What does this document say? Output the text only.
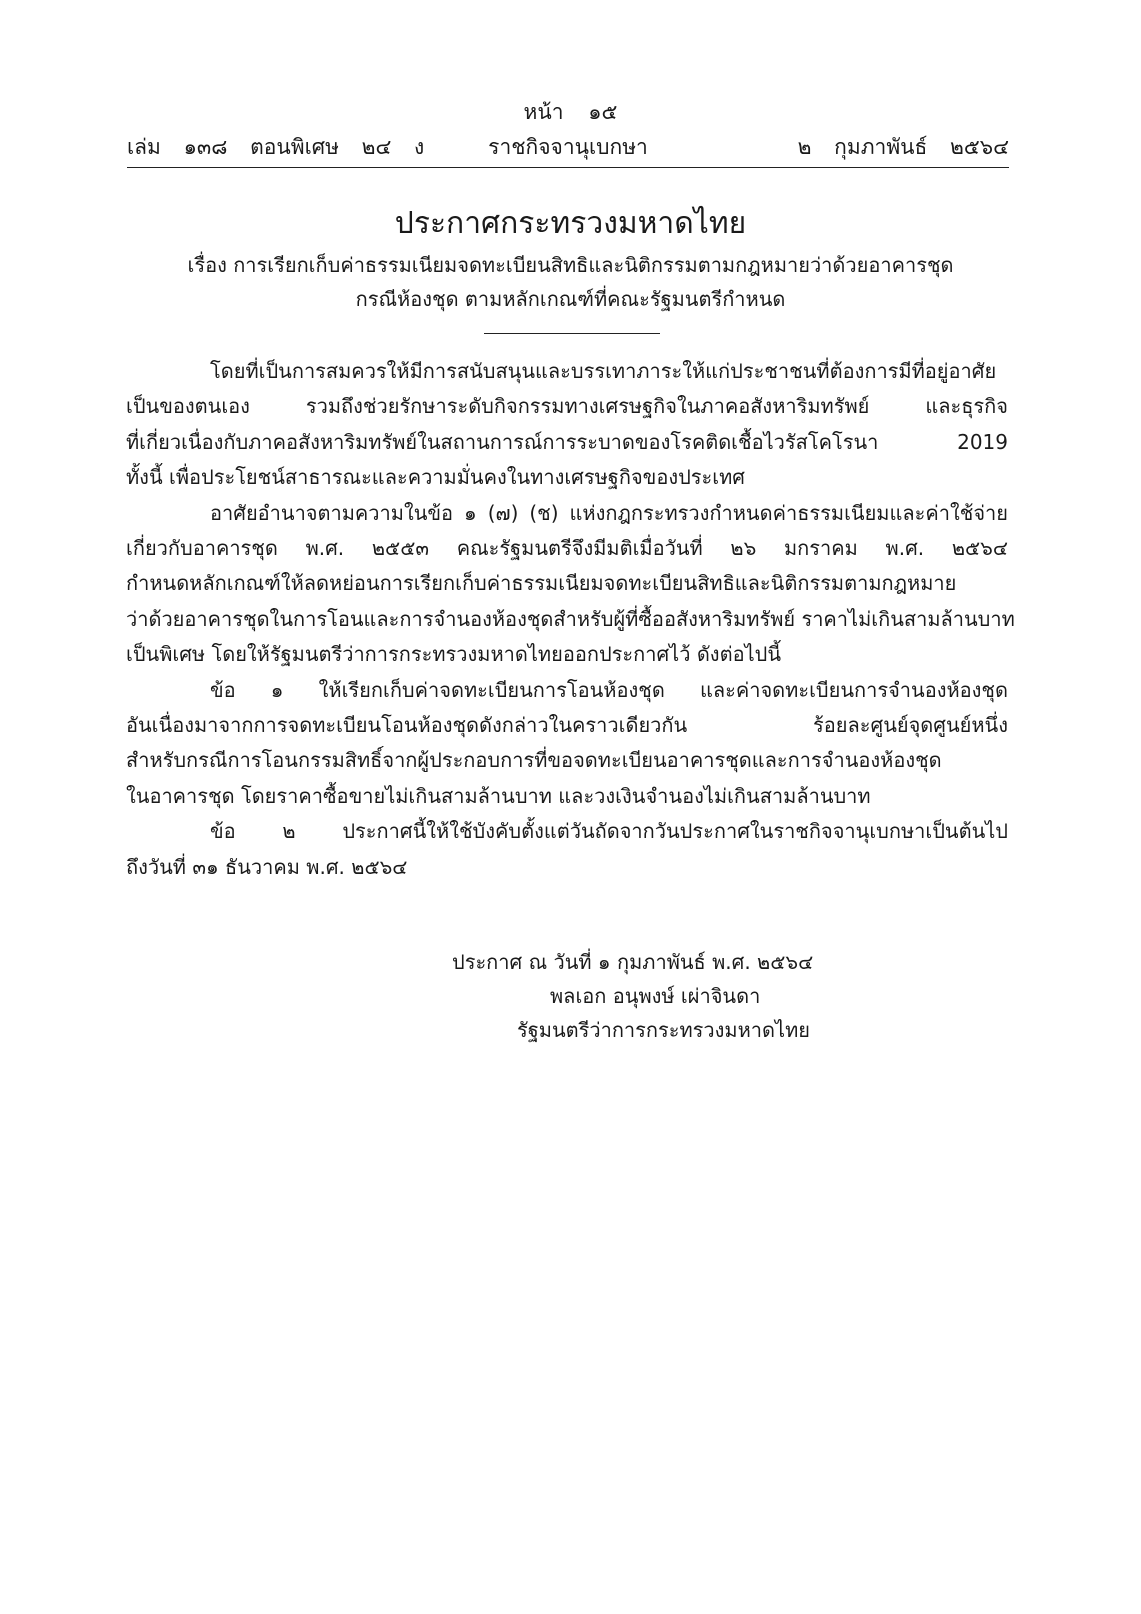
หน้า ๑๕
เล่ม ๑๓๘ ตอนพิเศษ ๒๔ ง	ราชกิจจานุเบกษา	๒ กุมภาพันธ์ ๒๕๖๔
ประกาศกระทรวงมหาดไทย
เรื่อง การเรียกเก็บค่าธรรมเนียมจดทะเบียนสิทธิและนิติกรรมตามกฎหมายว่าด้วยอาคารชุด
กรณีห้องชุด ตามหลักเกณฑ์ที่คณะรัฐมนตรีกำหนด
โดยที่เป็นการสมควรให้มีการสนับสนุนและบรรเทาภาระให้แก่ประชาชนที่ต้องการมีที่อยู่อาศัย
เป็นของตนเอง รวมถึงช่วยรักษาระดับกิจกรรมทางเศรษฐกิจในภาคอสังหาริมทรัพย์ และธุรกิจ
ที่เกี่ยวเนื่องกับภาคอสังหาริมทรัพย์ในสถานการณ์การระบาดของโรคติดเชื้อไวรัสโคโรนา 2019
ทั้งนี้ เพื่อประโยชน์สาธารณะและความมั่นคงในทางเศรษฐกิจของประเทศ
อาศัยอำนาจตามความในข้อ ๑ (๗) (ช) แห่งกฎกระทรวงกำหนดค่าธรรมเนียมและค่าใช้จ่าย
เกี่ยวกับอาคารชุด พ.ศ. ๒๕๕๓ คณะรัฐมนตรีจึงมีมติเมื่อวันที่ ๒๖ มกราคม พ.ศ. ๒๕๖๔
กำหนดหลักเกณฑ์ให้ลดหย่อนการเรียกเก็บค่าธรรมเนียมจดทะเบียนสิทธิและนิติกรรมตามกฎหมาย
ว่าด้วยอาคารชุดในการโอนและการจำนองห้องชุดสำหรับผู้ที่ซื้ออสังหาริมทรัพย์ ราคาไม่เกินสามล้านบาท
เป็นพิเศษ โดยให้รัฐมนตรีว่าการกระทรวงมหาดไทยออกประกาศไว้ ดังต่อไปนี้
ข้อ ๑ ให้เรียกเก็บค่าจดทะเบียนการโอนห้องชุด และค่าจดทะเบียนการจำนองห้องชุด
อันเนื่องมาจากการจดทะเบียนโอนห้องชุดดังกล่าวในคราวเดียวกัน ร้อยละศูนย์จุดศูนย์หนึ่ง
สำหรับกรณีการโอนกรรมสิทธิ์จากผู้ประกอบการที่ขอจดทะเบียนอาคารชุดและการจำนองห้องชุด
ในอาคารชุด โดยราคาซื้อขายไม่เกินสามล้านบาท และวงเงินจำนองไม่เกินสามล้านบาท
ข้อ ๒ ประกาศนี้ให้ใช้บังคับตั้งแต่วันถัดจากวันประกาศในราชกิจจานุเบกษาเป็นต้นไป
ถึงวันที่ ๓๑ ธันวาคม พ.ศ. ๒๕๖๔
ประกาศ ณ วันที่ ๑ กุมภาพันธ์ พ.ศ. ๒๕๖๔
พลเอก อนุพงษ์ เผ่าจินดา
รัฐมนตรีว่าการกระทรวงมหาดไทย
